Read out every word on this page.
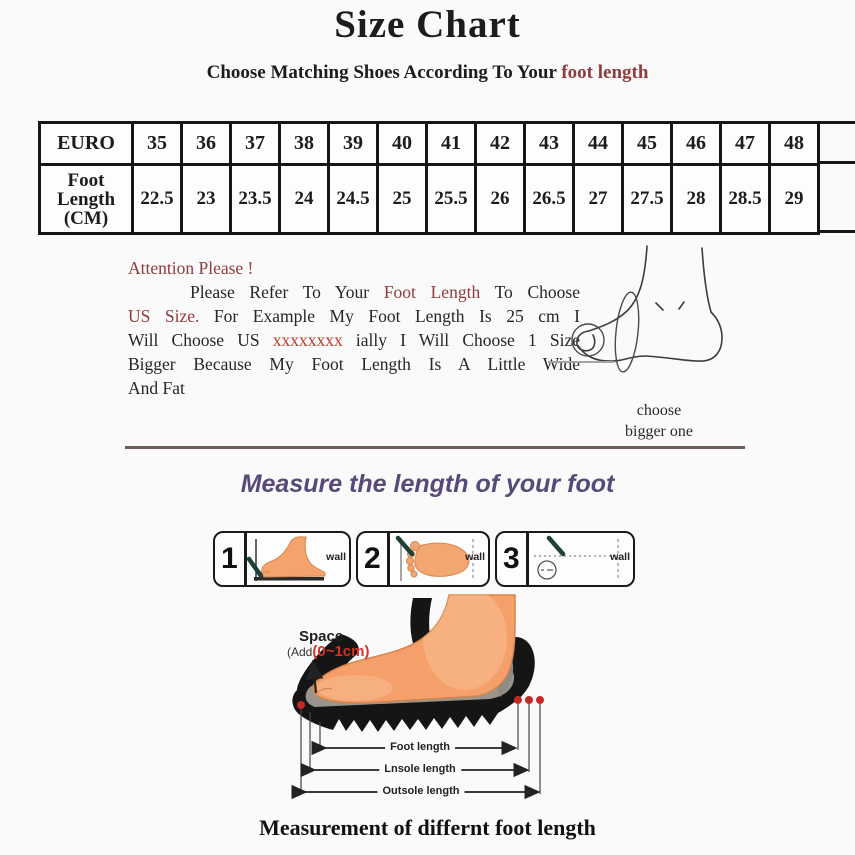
Size Chart
Choose Matching Shoes According To Your foot length
EURO	35	36	37	38	39	40	41	42	43	44	45	46	47	48

Foot
Length
(CM)	22.5	23	23.5	24	24.5	25	25.5	26	26.5	27	27.5	28	28.5	29
Attention Please !
Please Refer To Your Foot Length To Choose
US Size. For Example My Foot Length Is 25 cm I
Will Choose US xxxxxxxx ially I Will Choose 1 Size
Bigger Because My Foot Length Is A Little Wide
And Fat
choose
bigger one
Measure the length of your foot
1	wall 2	wall 3	wall
Space
(Add(0~1cm)
Foot length
Lnsole length
Outsole length
Measurement of differnt foot length
